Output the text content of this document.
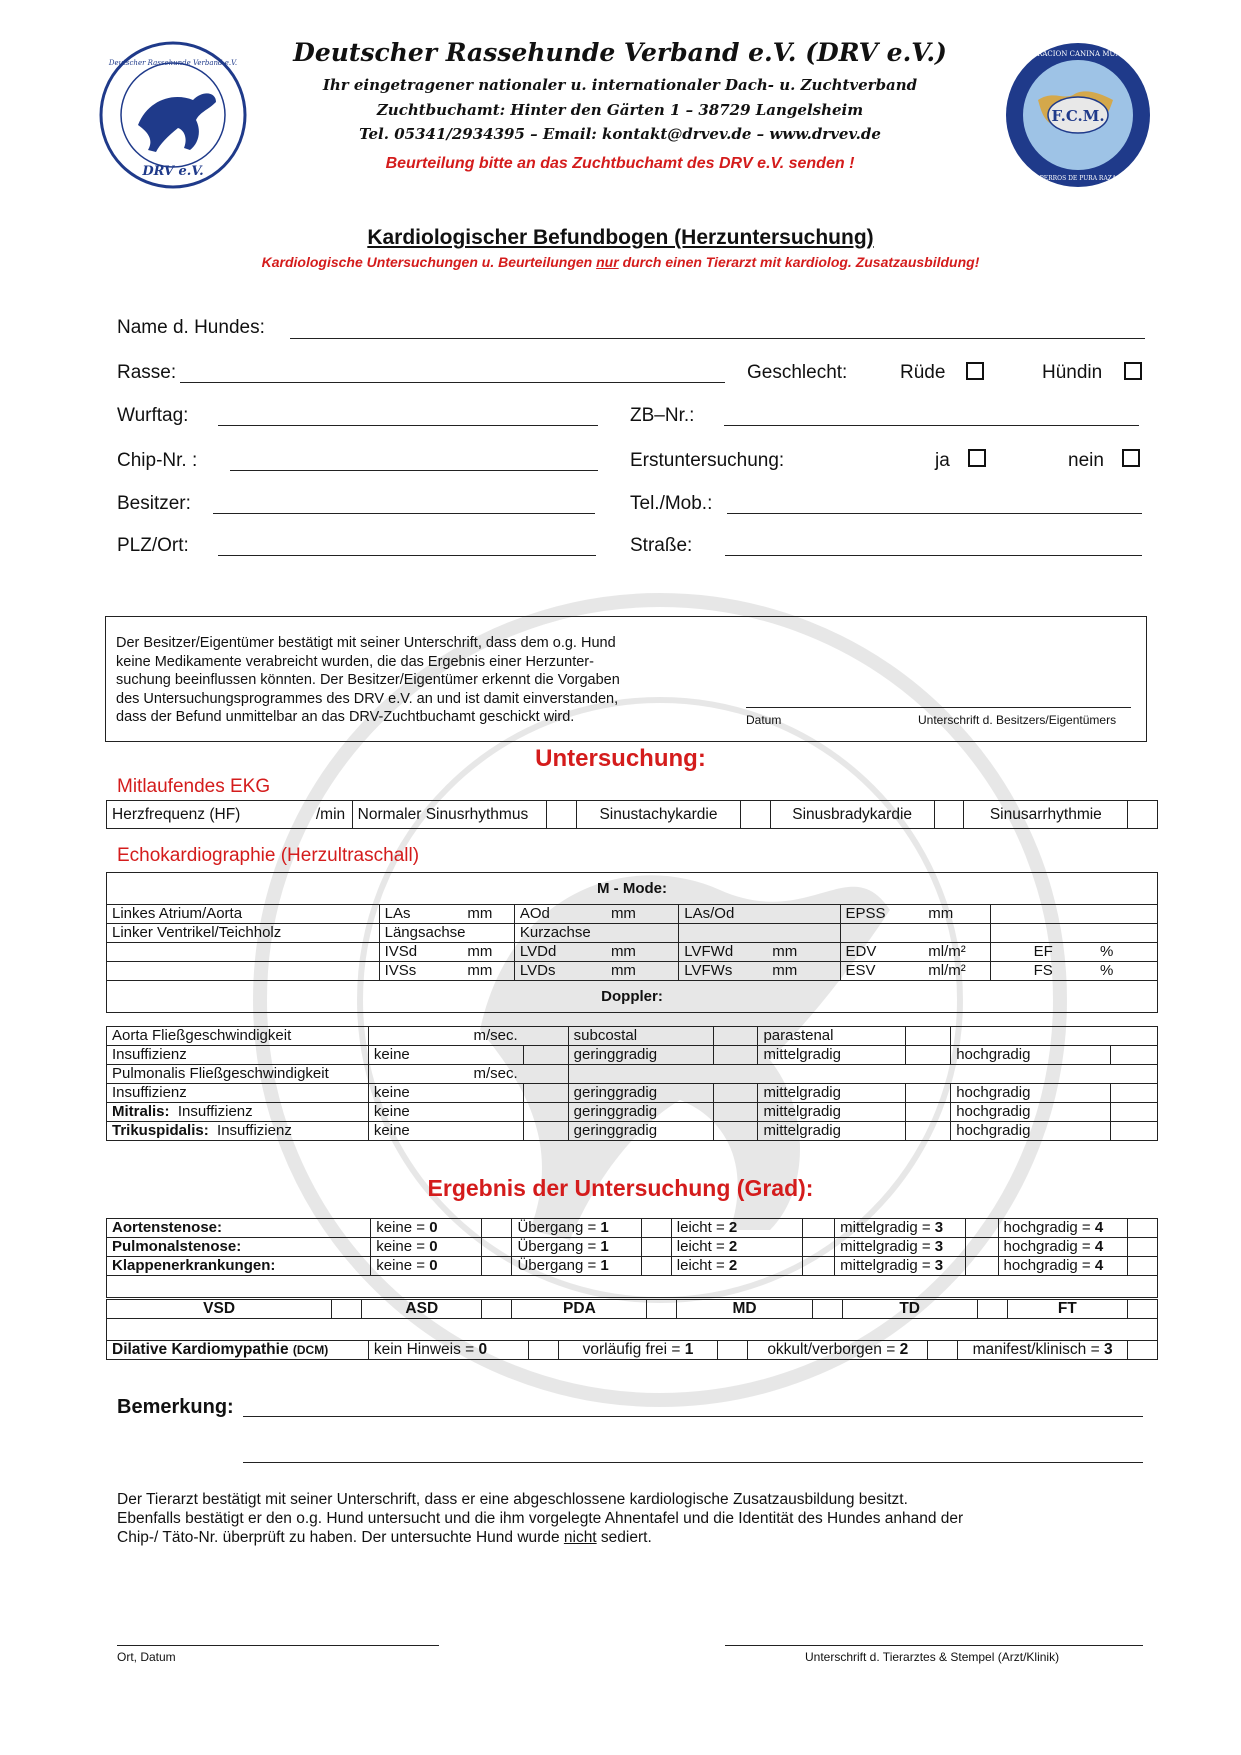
DRV e.V.
Deutscher Rassehunde Verband e.V.
F.C.M.
FEDERACION CANINA MUNDIAL
PERROS DE PURA RAZA
Deutscher Rassehunde Verband e.V. (DRV e.V.)
Ihr eingetragener nationaler u. internationaler Dach- u. Zuchtverband
Zuchtbuchamt: Hinter den Gärten 1 – 38729 Langelsheim
Tel. 05341/2934395 – Email: kontakt@drvev.de – www.drvev.de
Beurteilung bitte an das Zuchtbuchamt des DRV e.V. senden !
Kardiologischer Befundbogen (Herzuntersuchung)
Kardiologische Untersuchungen u. Beurteilungen nur durch einen Tierarzt mit kardiolog. Zusatzausbildung!
Name d. Hundes:
Rasse:	Geschlecht:	Rüde	Hündin
Wurftag:	ZB–Nr.:
Chip-Nr. :	Erstuntersuchung:	ja	nein
Besitzer:	Tel./Mob.:
PLZ/Ort:	Straße:
Der Besitzer/Eigentümer bestätigt mit seiner Unterschrift, dass dem o.g. Hund
keine Medikamente verabreicht wurden, die das Ergebnis einer Herzunter-
suchung beeinflussen könnten. Der Besitzer/Eigentümer erkennt die Vorgaben
des Untersuchungsprogrammes des DRV e.V. an und ist damit einverstanden,
dass der Befund unmittelbar an das DRV-Zuchtbuchamt geschickt wird.	Datum	Unterschrift d. Besitzers/Eigentümers
Untersuchung:
Mitlaufendes EKG
Herzfrequenz (HF)	/min	Normaler Sinusrhythmus		Sinustachykardie		Sinusbradykardie		Sinusarrhythmie	
Echokardiographie (Herzultraschall)
M - Mode:										
Linkes Atrium/Aorta	LAs	mm	AOd	mm	LAs/Od		EPSS	mm		
Linker Ventrikel/Teichholz	Längsachse		Kurzachse							
	IVSd	mm	LVDd	mm	LVFWd	mm	EDV	ml/m²	EF	%
	IVSs	mm	LVDs	mm	LVFWs	mm	ESV	ml/m²	FS	%
Doppler:										
Aorta Fließgeschwindigkeit	m/sec.		subcostal		parastenal			
Insuffizienz	keine		geringgradig		mittelgradig		hochgradig	
Pulmonalis Fließgeschwindigkeit	m/sec.							
Insuffizienz	keine		geringgradig		mittelgradig		hochgradig	
Mitralis: Insuffizienz	keine		geringgradig		mittelgradig		hochgradig	
Trikuspidalis: Insuffizienz	keine		geringgradig		mittelgradig		hochgradig	
Ergebnis der Untersuchung (Grad):
Aortenstenose:	keine = 0		Übergang = 1		leicht = 2		mittelgradig = 3		hochgradig = 4	
Pulmonalstenose:	keine = 0		Übergang = 1		leicht = 2		mittelgradig = 3		hochgradig = 4	
Klappenerkrankungen:	keine = 0		Übergang = 1		leicht = 2		mittelgradig = 3		hochgradig = 4	

VSD		ASD		PDA		MD		TD		FT	

Dilative Kardiomypathie (DCM)	kein Hinweis = 0		vorläufig frei = 1		okkult/verborgen = 2		manifest/klinisch = 3	
Bemerkung:
Der Tierarzt bestätigt mit seiner Unterschrift, dass er eine abgeschlossene kardiologische Zusatzausbildung besitzt.
Ebenfalls bestätigt er den o.g. Hund untersucht und die ihm vorgelegte Ahnentafel und die Identität des Hundes anhand der
Chip-/ Täto-Nr. überprüft zu haben. Der untersuchte Hund wurde nicht sediert.
Ort, Datum	Unterschrift d. Tierarztes & Stempel (Arzt/Klinik)
